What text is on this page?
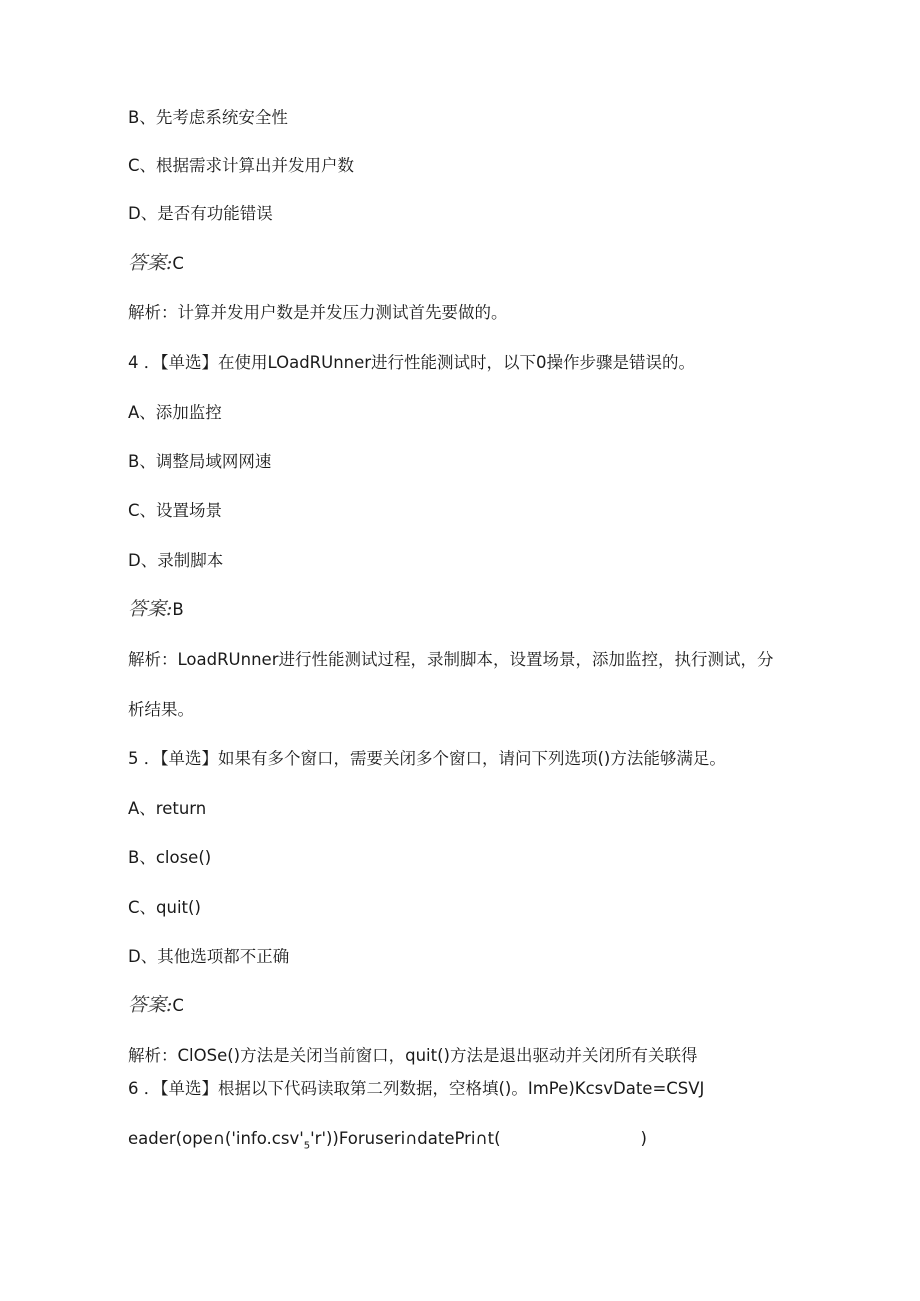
B、先考虑系统安全性
C、根据需求计算出并发用户数
D、是否有功能错误
答案:C
解析：计算并发用户数是并发压力测试首先要做的。
4 ．【单选】在使用LOadRUnner进行性能测试时，以下0操作步骤是错误的。
A、添加监控
B、调整局域网网速
C、设置场景
D、录制脚本
答案:B
解析：LoadRUnner进行性能测试过程，录制脚本，设置场景，添加监控，执行测试，分
析结果。
5 ．【单选】如果有多个窗口，需要关闭多个窗口，请问下列选项()方法能够满足。
A、return
B、close()
C、quit()
D、其他选项都不正确
答案:C
解析：ClOSe()方法是关闭当前窗口，quit()方法是退出驱动并关闭所有关联得
6 ．【单选】根据以下代码读取第二列数据，空格填()。ImPe)KcsvDate=CSVJ
$eader(ope\cap('info.csv'_5'r'))Foruseri\cap datePri\cap t$(	)
